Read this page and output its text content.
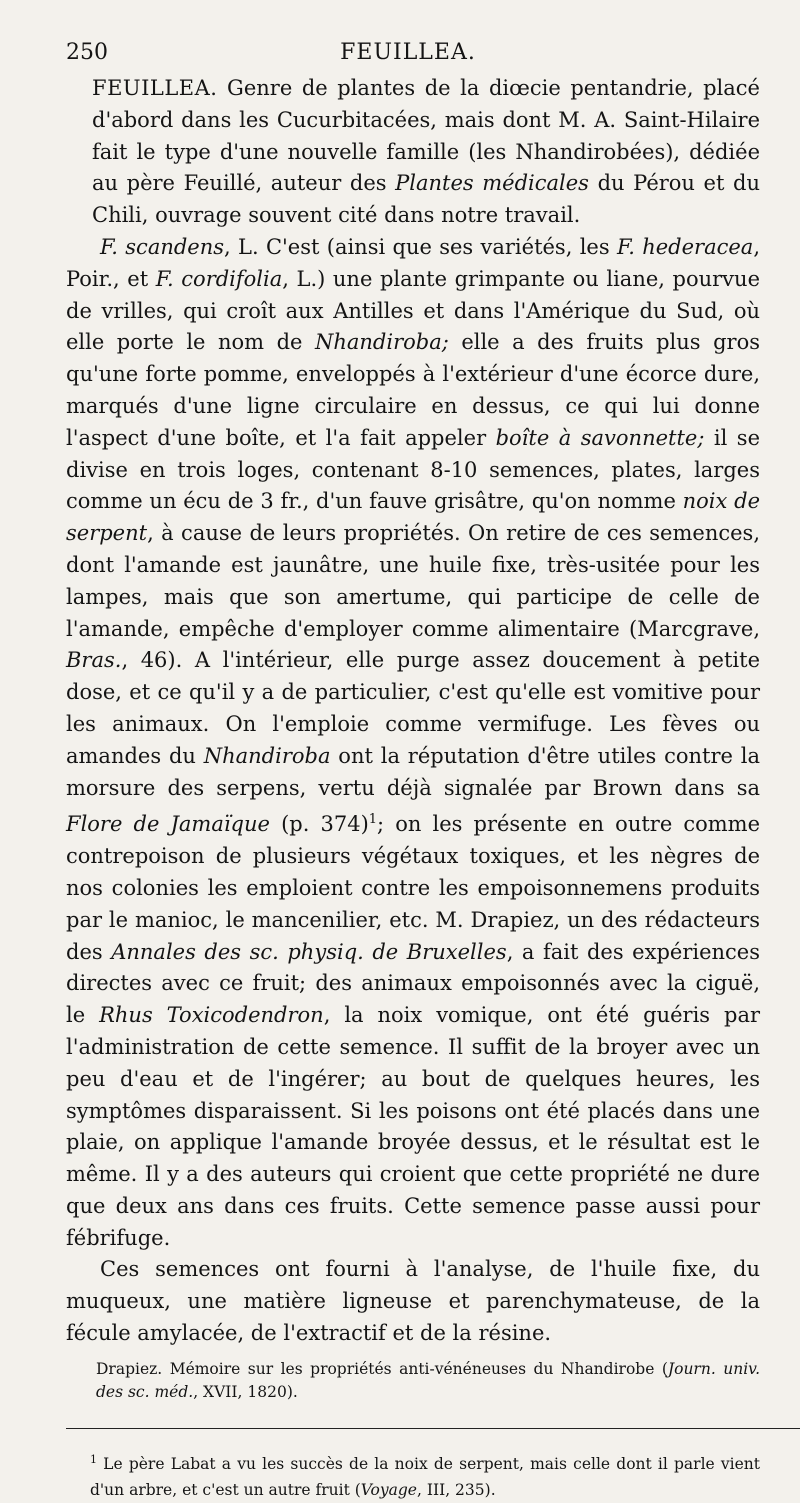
250	FEUILLEA.

FEUILLEA. Genre de plantes de la diœcie pentandrie, placé d'abord dans les Cucurbitacées, mais dont M. A. Saint-Hilaire fait le type d'une nouvelle famille (les Nhandirobées), dédiée au père Feuillé, auteur des Plantes médicales du Pérou et du Chili, ouvrage souvent cité dans notre travail.

F. scandens, L. C'est (ainsi que ses variétés, les F. hederacea, Poir., et F. cordifolia, L.) une plante grimpante ou liane, pourvue de vrilles, qui croît aux Antilles et dans l'Amérique du Sud, où elle porte le nom de Nhandiroba; elle a des fruits plus gros qu'une forte pomme, enveloppés à l'extérieur d'une écorce dure, marqués d'une ligne circulaire en dessus, ce qui lui donne l'aspect d'une boîte, et l'a fait appeler boîte à savonnette; il se divise en trois loges, contenant 8-10 semences, plates, larges comme un écu de 3 fr., d'un fauve grisâtre, qu'on nomme noix de serpent, à cause de leurs propriétés. On retire de ces semences, dont l'amande est jaunâtre, une huile fixe, très-usitée pour les lampes, mais que son amertume, qui participe de celle de l'amande, empêche d'employer comme alimentaire (Marcgrave, Bras., 46). A l'intérieur, elle purge assez doucement à petite dose, et ce qu'il y a de particulier, c'est qu'elle est vomitive pour les animaux. On l'emploie comme vermifuge. Les fèves ou amandes du Nhandiroba ont la réputation d'être utiles contre la morsure des serpens, vertu déjà signalée par Brown dans sa Flore de Jamaïque (p. 374)$^1$; on les présente en outre comme contrepoison de plusieurs végétaux toxiques, et les nègres de nos colonies les emploient contre les empoisonnemens produits par le manioc, le mancenilier, etc. M. Drapiez, un des rédacteurs des Annales des sc. physiq. de Bruxelles, a fait des expériences directes avec ce fruit; des animaux empoisonnés avec la ciguë, le Rhus Toxicodendron, la noix vomique, ont été guéris par l'administration de cette semence. Il suffit de la broyer avec un peu d'eau et de l'ingérer; au bout de quelques heures, les symptômes disparaissent. Si les poisons ont été placés dans une plaie, on applique l'amande broyée dessus, et le résultat est le même. Il y a des auteurs qui croient que cette propriété ne dure que deux ans dans ces fruits. Cette semence passe aussi pour fébrifuge.

Ces semences ont fourni à l'analyse, de l'huile fixe, du muqueux, une matière ligneuse et parenchymateuse, de la fécule amylacée, de l'extractif et de la résine.

Drapiez. Mémoire sur les propriétés anti-vénéneuses du Nhandirobe (Journ. univ. des sc. méd., XVII, 1820).
$^1$ Le père Labat a vu les succès de la noix de serpent, mais celle dont il parle vient d'un arbre, et c'est un autre fruit (Voyage, III, 235).
